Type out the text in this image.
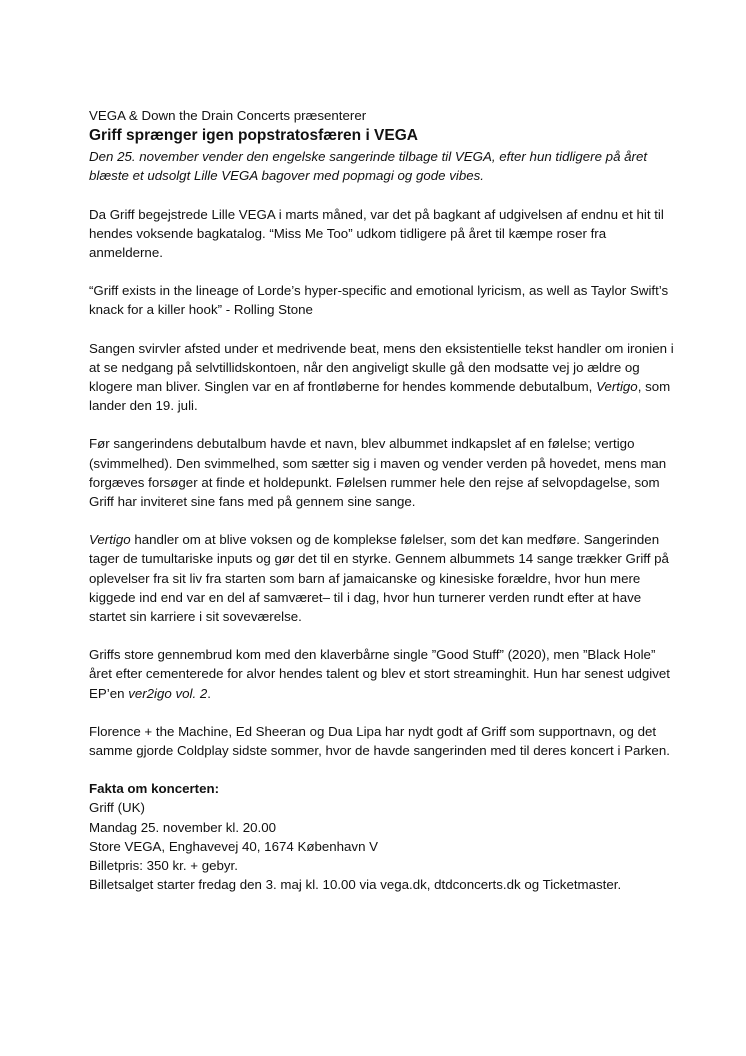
VEGA & Down the Drain Concerts præsenterer

Griff sprænger igen popstratosfæren i VEGA

Den 25. november vender den engelske sangerinde tilbage til VEGA, efter hun tidligere på året blæste et udsolgt Lille VEGA bagover med popmagi og gode vibes.

Da Griff begejstrede Lille VEGA i marts måned, var det på bagkant af udgivelsen af endnu et hit til hendes voksende bagkatalog. “Miss Me Too” udkom tidligere på året til kæmpe roser fra anmelderne.

“Griff exists in the lineage of Lorde’s hyper-specific and emotional lyricism, as well as Taylor Swift’s knack for a killer hook” - Rolling Stone

Sangen svirvler afsted under et medrivende beat, mens den eksistentielle tekst handler om ironien i at se nedgang på selvtillidskontoen, når den angiveligt skulle gå den modsatte vej jo ældre og klogere man bliver. Singlen var en af frontløberne for hendes kommende debutalbum, Vertigo, som lander den 19. juli.

Før sangerindens debutalbum havde et navn, blev albummet indkapslet af en følelse; vertigo (svimmelhed). Den svimmelhed, som sætter sig i maven og vender verden på hovedet, mens man forgæves forsøger at finde et holdepunkt. Følelsen rummer hele den rejse af selvopdagelse, som Griff har inviteret sine fans med på gennem sine sange.

Vertigo handler om at blive voksen og de komplekse følelser, som det kan medføre. Sangerinden tager de tumultariske inputs og gør det til en styrke. Gennem albummets 14 sange trækker Griff på oplevelser fra sit liv fra starten som barn af jamaicanske og kinesiske forældre, hvor hun mere kiggede ind end var en del af samværet– til i dag, hvor hun turnerer verden rundt efter at have startet sin karriere i sit soveværelse.

Griffs store gennembrud kom med den klaverbårne single ”Good Stuff” (2020), men ”Black Hole” året efter cementerede for alvor hendes talent og blev et stort streaminghit. Hun har senest udgivet EP’en ver2igo vol. 2.

Florence + the Machine, Ed Sheeran og Dua Lipa har nydt godt af Griff som supportnavn, og det samme gjorde Coldplay sidste sommer, hvor de havde sangerinden med til deres koncert i Parken.

Fakta om koncerten:

Griff (UK)

Mandag 25. november kl. 20.00

Store VEGA, Enghavevej 40, 1674 København V

Billetpris: 350 kr. + gebyr.

Billetsalget starter fredag den 3. maj kl. 10.00 via vega.dk, dtdconcerts.dk og Ticketmaster.
